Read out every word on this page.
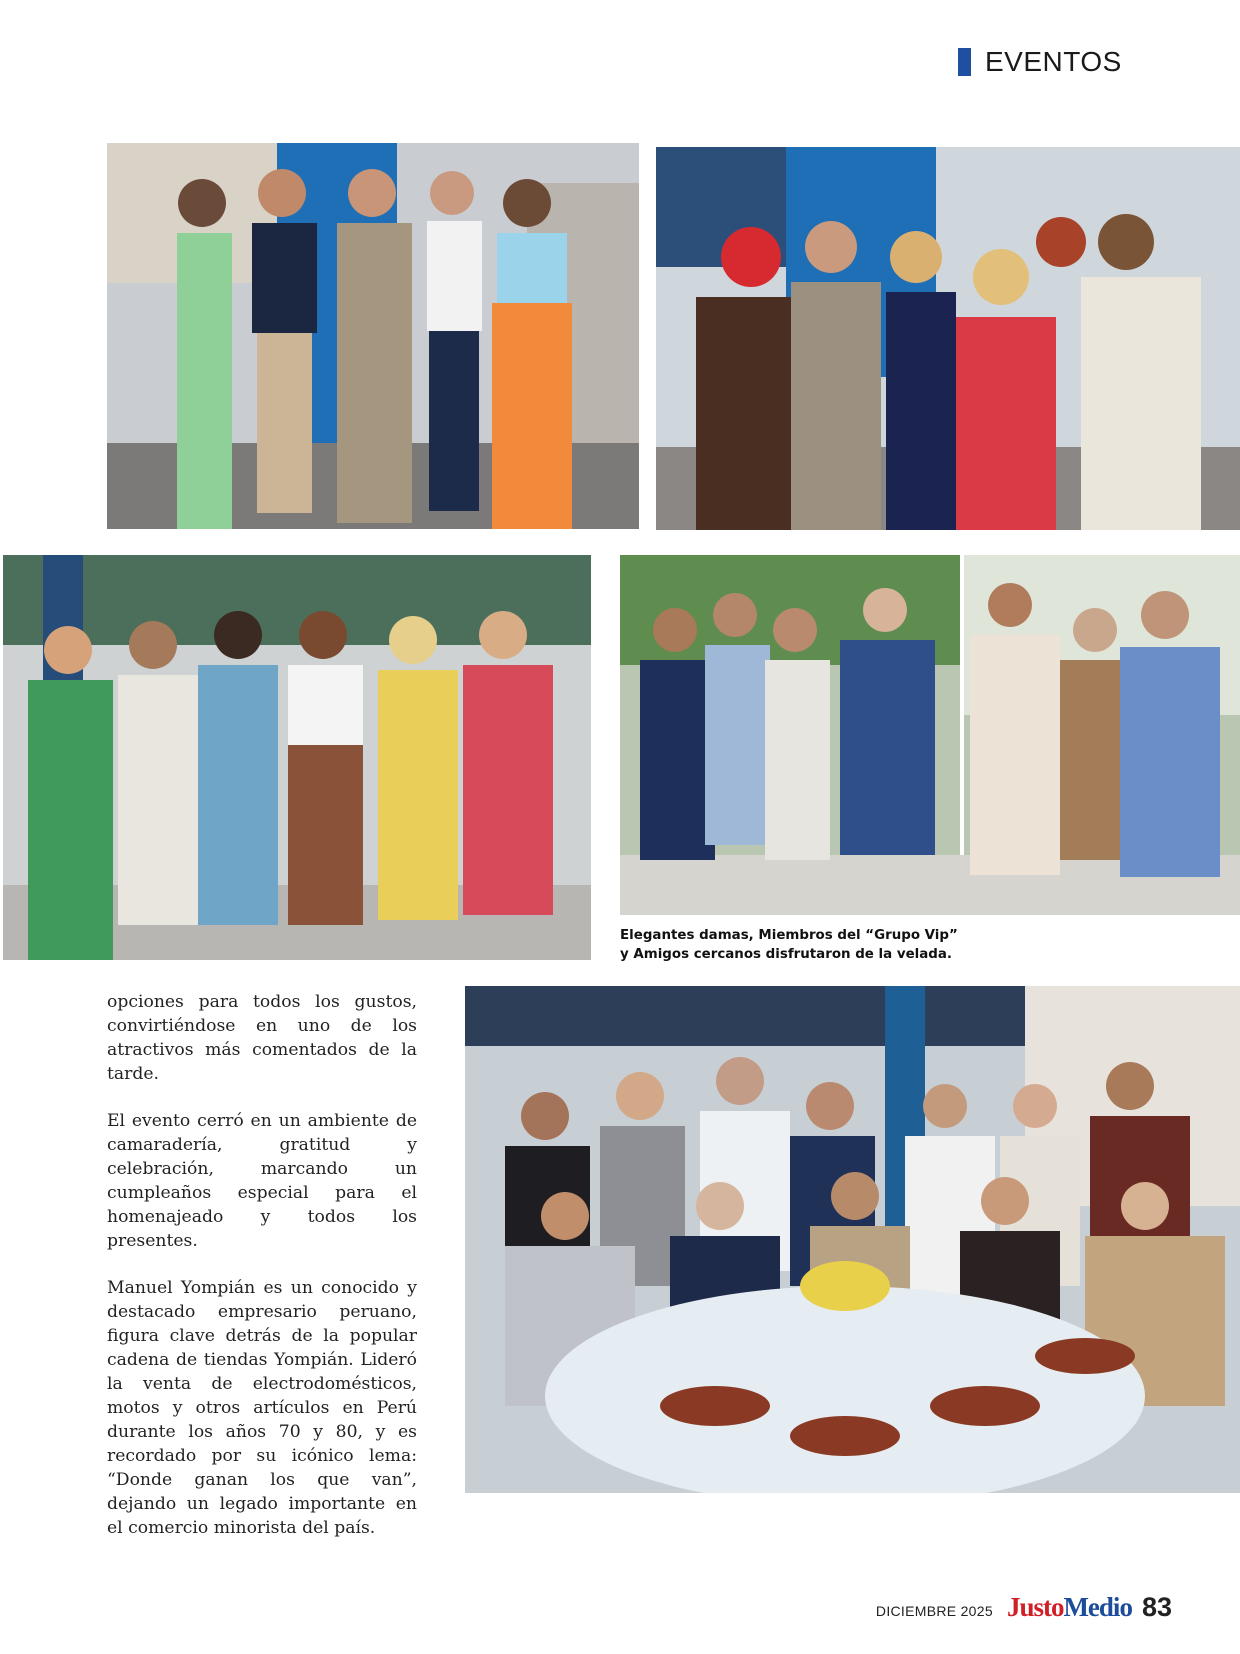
EVENTOS
Elegantes damas, Miembros del “Grupo Vip”
y Amigos cercanos disfrutaron de la velada.

opciones para todos los gustos, convirtiéndose en uno de los atractivos más comentados de la tarde.

El evento cerró en un ambiente de camaradería, gratitud y celebración, marcando un cumpleaños especial para el homenajeado y todos los presentes.

Manuel Yompián es un conocido y destacado empresario peruano, figura clave detrás de la popular cadena de tiendas Yompián. Lideró la venta de electrodomésticos, motos y otros artículos en Perú durante los años 70 y 80, y es recordado por su icónico lema: “Donde ganan los que van”, dejando un legado importante en el comercio minorista del país.

DICIEMBRE 2025 Justo Medio 83
